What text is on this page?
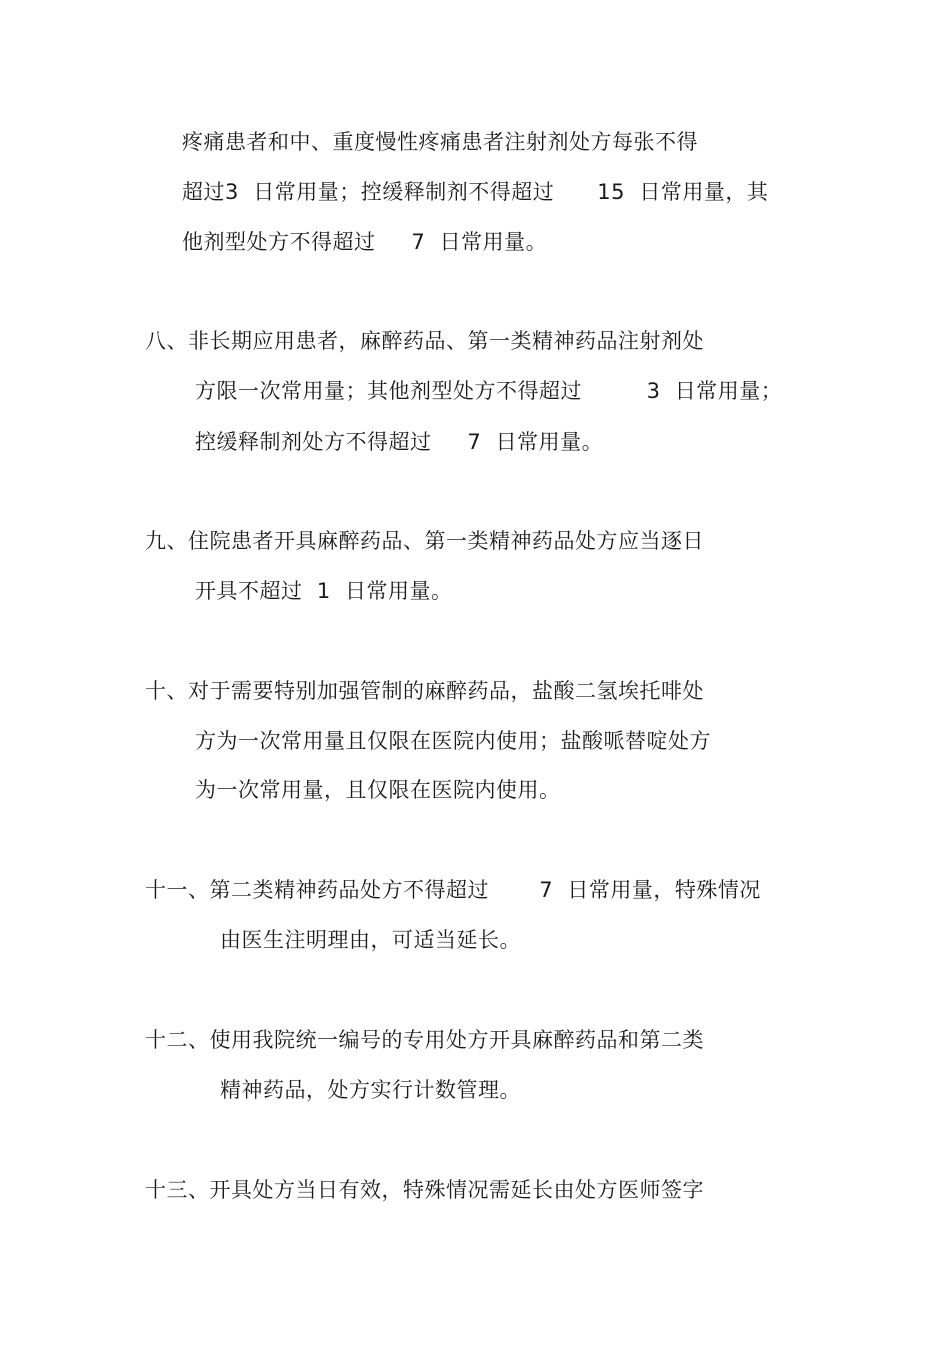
疼痛患者和中、重度慢性疼痛患者注射剂处方每张不得
超过3  日常用量；控缓释制剂不得超过      15  日常用量，其
他剂型处方不得超过     7  日常用量。
八、非长期应用患者，麻醉药品、第一类精神药品注射剂处
方限一次常用量；其他剂型处方不得超过         3  日常用量；
控缓释制剂处方不得超过     7  日常用量。
九、住院患者开具麻醉药品、第一类精神药品处方应当逐日
开具不超过  1  日常用量。
十、对于需要特别加强管制的麻醉药品，盐酸二氢埃托啡处
方为一次常用量且仅限在医院内使用；盐酸哌替啶处方
为一次常用量，且仅限在医院内使用。
十一、第二类精神药品处方不得超过       7  日常用量，特殊情况
由医生注明理由，可适当延长。
十二、使用我院统一编号的专用处方开具麻醉药品和第二类
精神药品，处方实行计数管理。
十三、开具处方当日有效，特殊情况需延长由处方医师签字
